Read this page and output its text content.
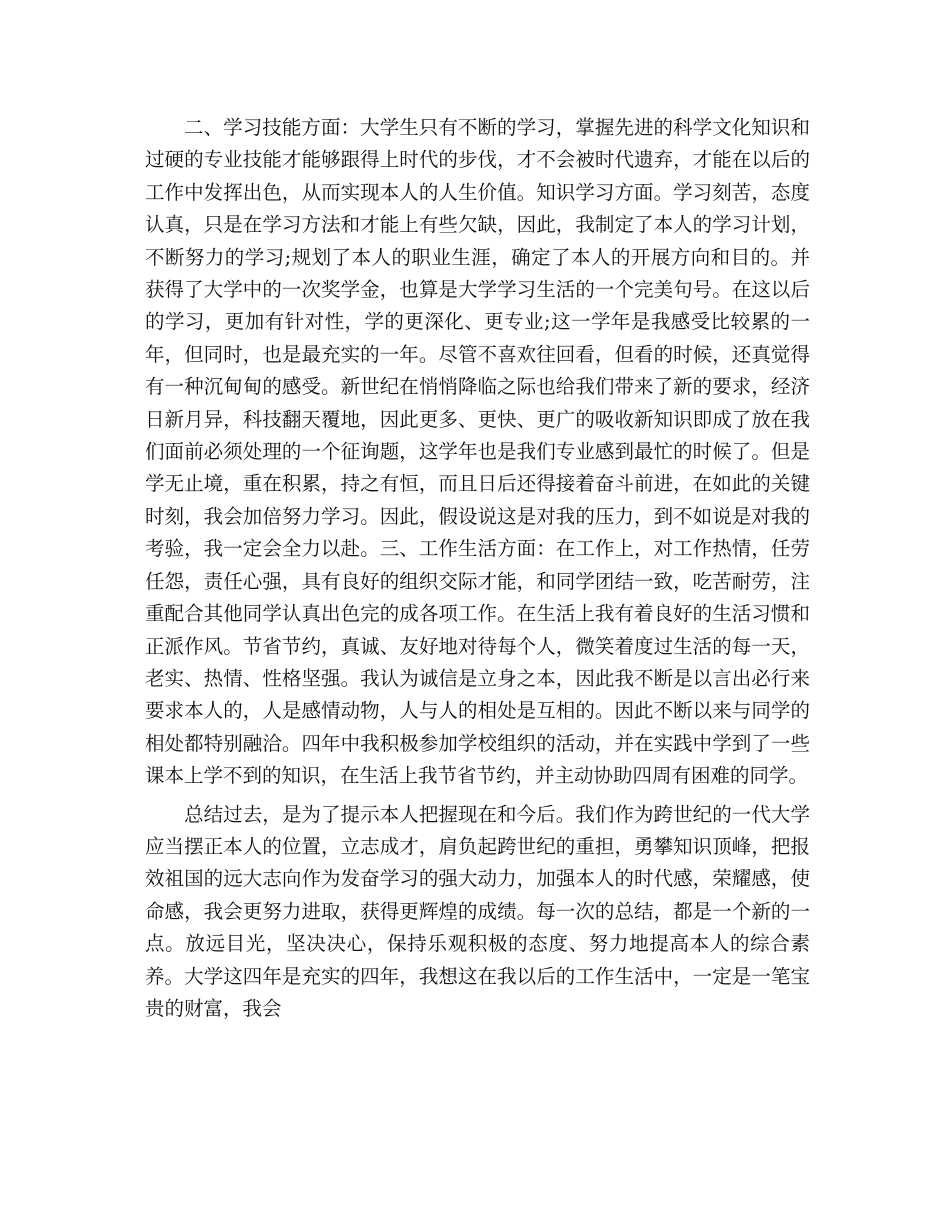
二、学习技能方面：大学生只有不断的学习，掌握先进的科学文化知识和过硬的专业技能才能够跟得上时代的步伐，才不会被时代遗弃，才能在以后的工作中发挥出色，从而实现本人的人生价值。知识学习方面。学习刻苦，态度认真，只是在学习方法和才能上有些欠缺，因此，我制定了本人的学习计划，不断努力的学习;规划了本人的职业生涯，确定了本人的开展方向和目的。并获得了大学中的一次奖学金，也算是大学学习生活的一个完美句号。在这以后的学习，更加有针对性，学的更深化、更专业;这一学年是我感受比较累的一年，但同时，也是最充实的一年。尽管不喜欢往回看，但看的时候，还真觉得有一种沉甸甸的感受。新世纪在悄悄降临之际也给我们带来了新的要求，经济日新月异，科技翻天覆地，因此更多、更快、更广的吸收新知识即成了放在我们面前必须处理的一个征询题，这学年也是我们专业感到最忙的时候了。但是学无止境，重在积累，持之有恒，而且日后还得接着奋斗前进，在如此的关键时刻，我会加倍努力学习。因此，假设说这是对我的压力，到不如说是对我的考验，我一定会全力以赴。三、工作生活方面：在工作上，对工作热情，任劳任怨，责任心强，具有良好的组织交际才能，和同学团结一致，吃苦耐劳，注重配合其他同学认真出色完的成各项工作。在生活上我有着良好的生活习惯和正派作风。节省节约，真诚、友好地对待每个人，微笑着度过生活的每一天，老实、热情、性格坚强。我认为诚信是立身之本，因此我不断是以言出必行来要求本人的，人是感情动物，人与人的相处是互相的。因此不断以来与同学的相处都特别融洽。四年中我积极参加学校组织的活动，并在实践中学到了一些课本上学不到的知识，在生活上我节省节约，并主动协助四周有困难的同学。

总结过去，是为了提示本人把握现在和今后。我们作为跨世纪的一代大学应当摆正本人的位置，立志成才，肩负起跨世纪的重担，勇攀知识顶峰，把报效祖国的远大志向作为发奋学习的强大动力，加强本人的时代感，荣耀感，使命感，我会更努力进取，获得更辉煌的成绩。每一次的总结，都是一个新的一点。放远目光，坚决决心，保持乐观积极的态度、努力地提高本人的综合素养。大学这四年是充实的四年，我想这在我以后的工作生活中，一定是一笔宝贵的财富，我会
